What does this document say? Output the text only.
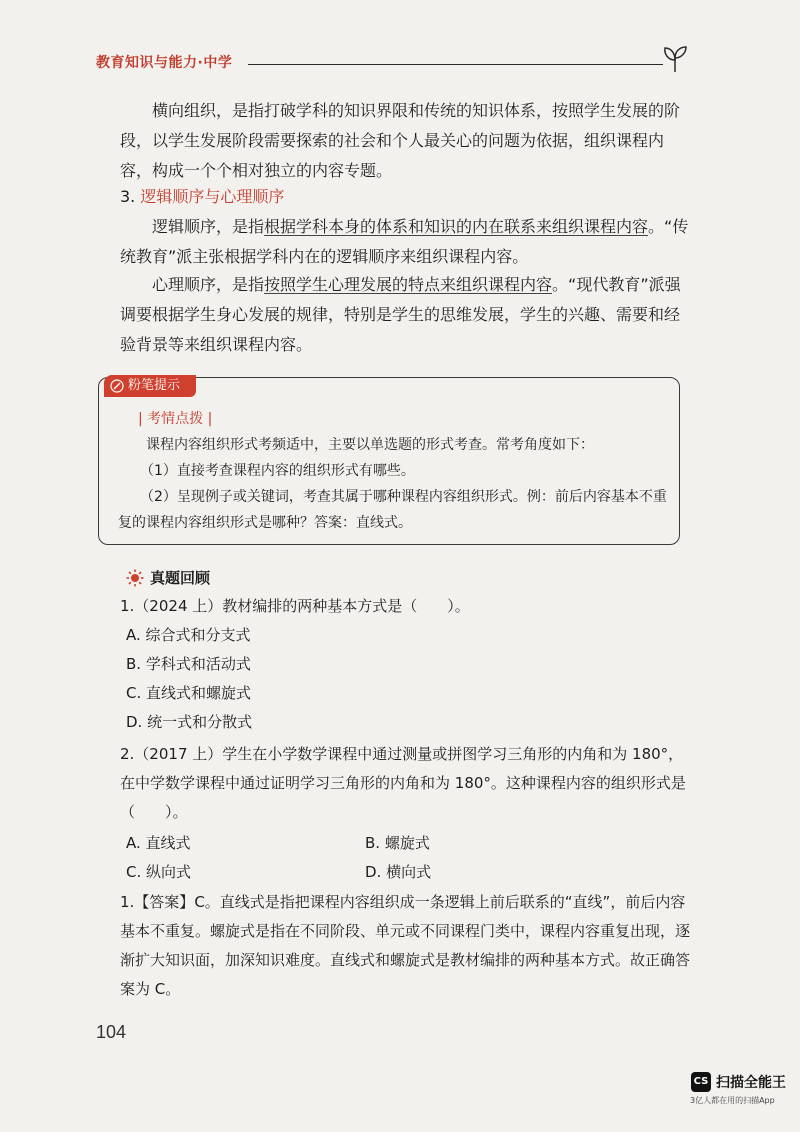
教育知识与能力·中学

横向组织，是指打破学科的知识界限和传统的知识体系，按照学生发展的阶段，以学生发展阶段需要探索的社会和个人最关心的问题为依据，组织课程内容，构成一个个相对独立的内容专题。

3. 逻辑顺序与心理顺序

逻辑顺序，是指根据学科本身的体系和知识的内在联系来组织课程内容。“传统教育”派主张根据学科内在的逻辑顺序来组织课程内容。

心理顺序，是指按照学生心理发展的特点来组织课程内容。“现代教育”派强调要根据学生身心发展的规律，特别是学生的思维发展，学生的兴趣、需要和经验背景等来组织课程内容。

粉笔提示
| 考情点拨 |

课程内容组织形式考频适中，主要以单选题的形式考查。常考角度如下：

（1）直接考查课程内容的组织形式有哪些。

（2）呈现例子或关键词，考查其属于哪种课程内容组织形式。例：前后内容基本不重复的课程内容组织形式是哪种？答案：直线式。

真题回顾

1.（2024 上）教材编排的两种基本方式是（　　）。

A. 综合式和分支式

B. 学科式和活动式

C. 直线式和螺旋式

D. 统一式和分散式

2.（2017 上）学生在小学数学课程中通过测量或拼图学习三角形的内角和为 180°，在中学数学课程中通过证明学习三角形的内角和为 180°。这种课程内容的组织形式是（　　）。

A. 直线式	B. 螺旋式

C. 纵向式	D. 横向式

1.【答案】C。直线式是指把课程内容组织成一条逻辑上前后联系的“直线”，前后内容基本不重复。螺旋式是指在不同阶段、单元或不同课程门类中，课程内容重复出现，逐渐扩大知识面，加深知识难度。直线式和螺旋式是教材编排的两种基本方式。故正确答案为 C。

104
CS 扫描全能王
3亿人都在用的扫描App
